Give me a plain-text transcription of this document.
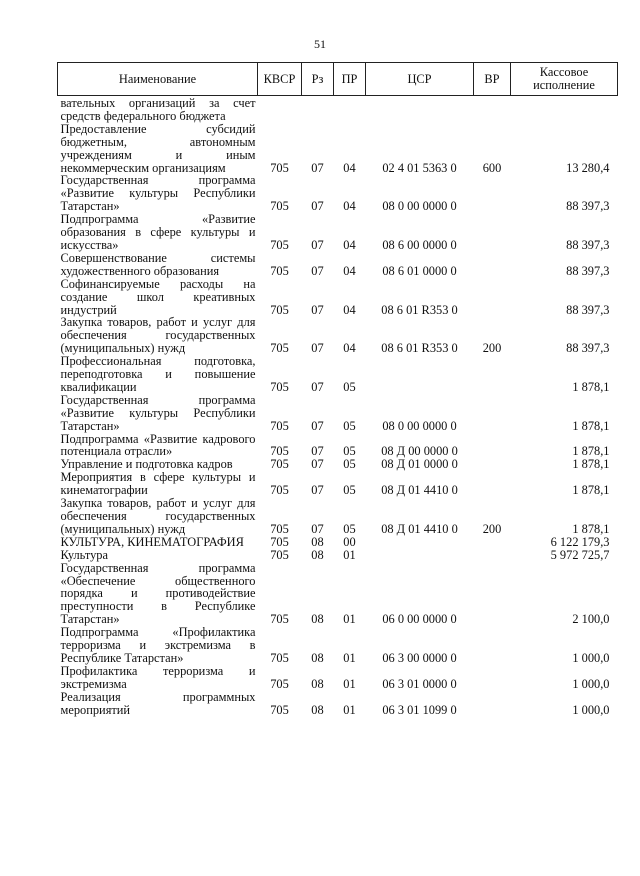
51
Наименование	КВСР	Рз	ПР	ЦСР	ВР	Кассовое исполнение
вательных организаций за счет средств федерального бюджета						
Предоставление субсидий бюджетным, автономным учреждениям и иным некоммерческим организациям	705	07	04	02 4 01 5363 0	600	13 280,4
Государственная программа «Развитие культуры Республики Татарстан»	705	07	04	08 0 00 0000 0		88 397,3
Подпрограмма «Развитие образования в сфере культуры и искусства»	705	07	04	08 6 00 0000 0		88 397,3
Совершенствование системы художественного образования	705	07	04	08 6 01 0000 0		88 397,3
Софинансируемые расходы на создание школ креативных индустрий	705	07	04	08 6 01 R353 0		88 397,3
Закупка товаров, работ и услуг для обеспечения государственных (муниципальных) нужд	705	07	04	08 6 01 R353 0	200	88 397,3
Профессиональная подготовка, переподготовка и повышение квалификации	705	07	05			1 878,1
Государственная программа «Развитие культуры Республики Татарстан»	705	07	05	08 0 00 0000 0		1 878,1
Подпрограмма «Развитие кадрового потенциала отрасли»	705	07	05	08 Д 00 0000 0		1 878,1
Управление и подготовка кадров	705	07	05	08 Д 01 0000 0		1 878,1
Мероприятия в сфере культуры и кинематографии	705	07	05	08 Д 01 4410 0		1 878,1
Закупка товаров, работ и услуг для обеспечения государственных (муниципальных) нужд	705	07	05	08 Д 01 4410 0	200	1 878,1
КУЛЬТУРА, КИНЕМАТОГРАФИЯ	705	08	00			6 122 179,3
Культура	705	08	01			5 972 725,7
Государственная программа «Обеспечение общественного порядка и противодействие преступности в Республике Татарстан»	705	08	01	06 0 00 0000 0		2 100,0
Подпрограмма «Профилактика терроризма и экстремизма в Республике Татарстан»	705	08	01	06 3 00 0000 0		1 000,0
Профилактика терроризма и экстремизма	705	08	01	06 3 01 0000 0		1 000,0
Реализация программных мероприятий	705	08	01	06 3 01 1099 0		1 000,0
